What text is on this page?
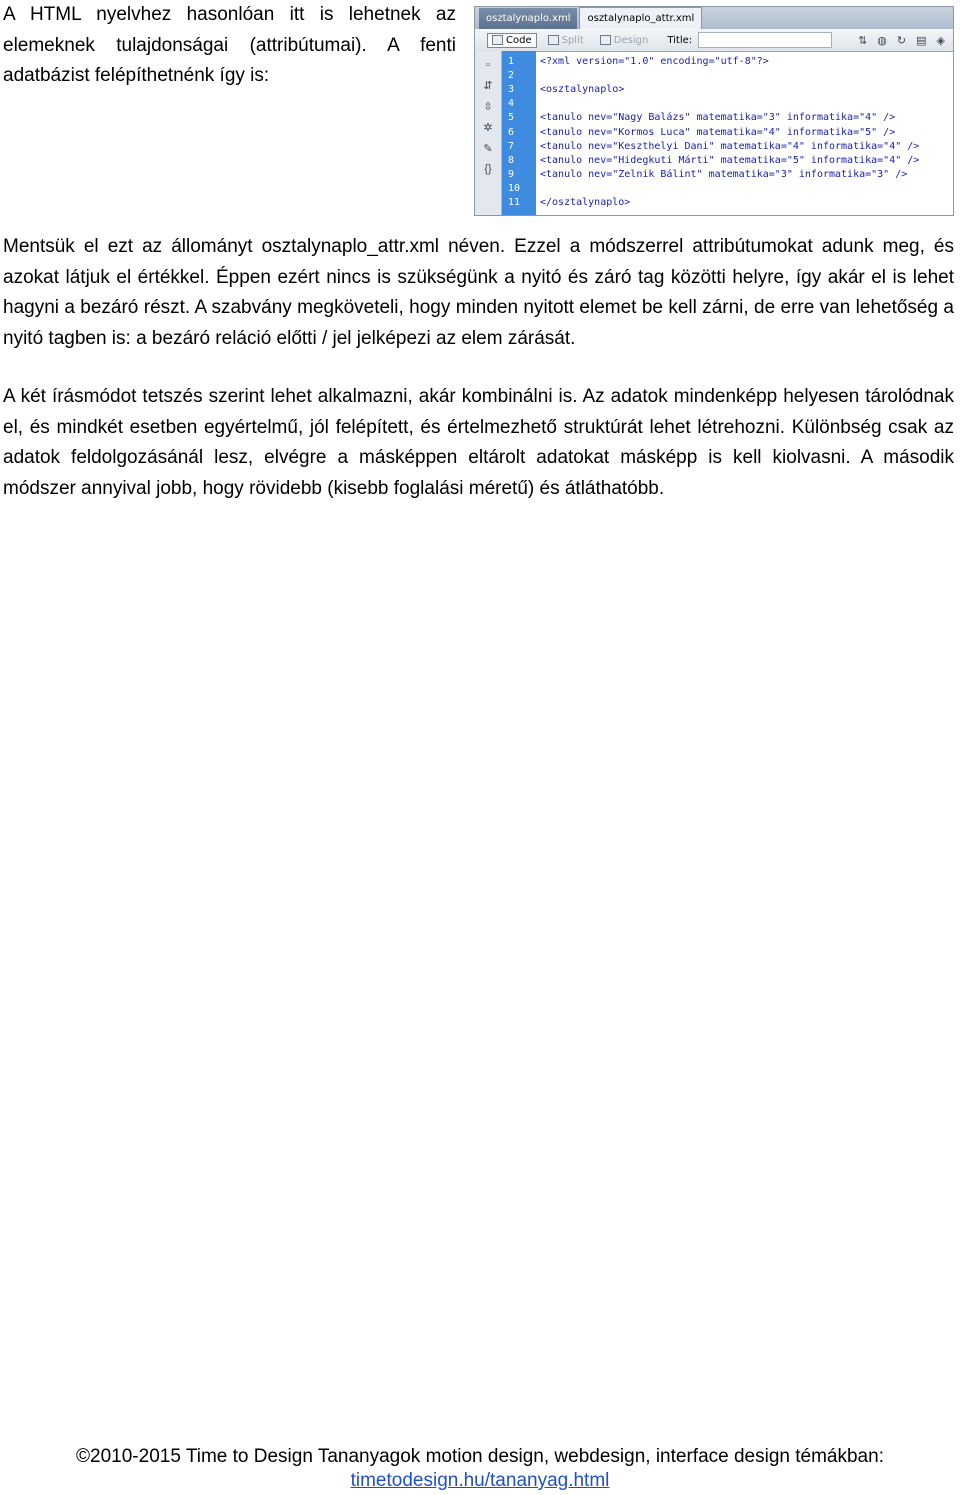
A HTML nyelvhez hasonlóan itt is lehetnek az elemeknek tulajdonságai (attribútumai). A fenti adatbázist felépíthetnénk így is:
osztalynaplo.xml	osztalynaplo_attr.xml
Code	Split	Design Title:	⇅ ◍ ↻ ▤ ◈
▫
⇵
⇳
✲
✎
{}
1	<?xml version="1.0" encoding="utf-8"?>
2
3	<osztalynaplo>
4
5	<tanulo nev="Nagy Balázs" matematika="3" informatika="4" />
6	<tanulo nev="Kormos Luca" matematika="4" informatika="5" />
7	<tanulo nev="Keszthelyi Dani" matematika="4" informatika="4" />
8	<tanulo nev="Hidegkuti Márti" matematika="5" informatika="4" />
9	<tanulo nev="Zelnik Bálint" matematika="3" informatika="3" />
10
11	</osztalynaplo>
Mentsük el ezt az állományt osztalynaplo_attr.xml néven. Ezzel a módszerrel attribútumokat adunk meg, és azokat látjuk el értékkel. Éppen ezért nincs is szükségünk a nyitó és záró tag közötti helyre, így akár el is lehet hagyni a bezáró részt. A szabvány megköveteli, hogy minden nyitott elemet be kell zárni, de erre van lehetőség a nyitó tagben is: a bezáró reláció előtti / jel jelképezi az elem zárását.
A két írásmódot tetszés szerint lehet alkalmazni, akár kombinálni is. Az adatok mindenképp helyesen tárolódnak el, és mindkét esetben egyértelmű, jól felépített, és értelmezhető struktúrát lehet létrehozni. Különbség csak az adatok feldolgozásánál lesz, elvégre a másképpen eltárolt adatokat másképp is kell kiolvasni. A második módszer annyival jobb, hogy rövidebb (kisebb foglalási méretű) és átláthatóbb.
©2010-2015 Time to Design Tananyagok motion design, webdesign, interface design témákban:
timetodesign.hu/tananyag.html
